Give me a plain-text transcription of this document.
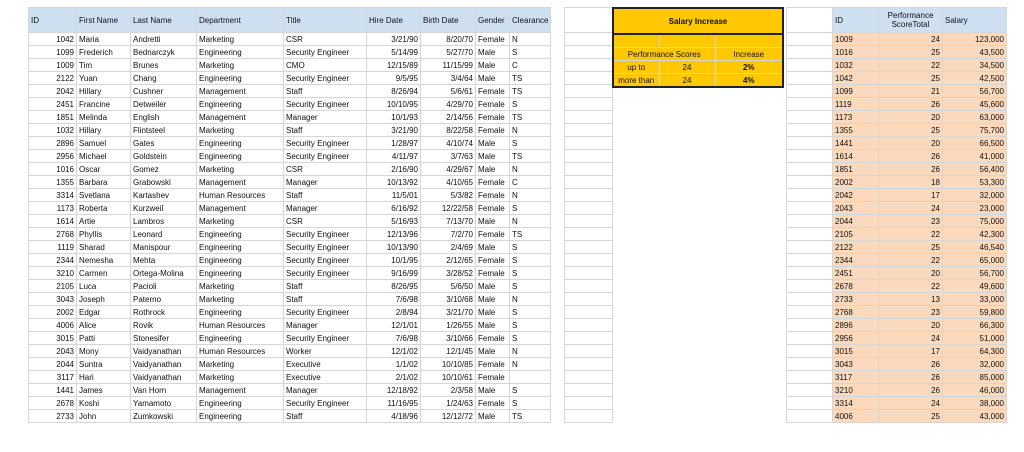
ID	First Name	Last Name	Department	Title	Hire Date	Birth Date	Gender	Clearance
1042	Maria	Andretti	Marketing	CSR	3/21/90	8/20/70	Female	N
1099	Frederich	Bednarczyk	Engineering	Security Engineer	5/14/99	5/27/70	Male	S
1009	Tim	Brunes	Marketing	CMO	12/15/89	11/15/99	Male	C
2122	Yuan	Chang	Engineering	Security Engineer	9/5/95	3/4/64	Male	TS
2042	Hillary	Cushner	Management	Staff	8/26/94	5/6/61	Female	TS
2451	Francine	Detweiler	Engineering	Security Engineer	10/10/95	4/29/70	Female	S
1851	Melinda	English	Management	Manager	10/1/93	2/14/56	Female	TS
1032	Hillary	Flintsteel	Marketing	Staff	3/21/90	8/22/58	Female	N
2896	Samuel	Gates	Engineering	Security Engineer	1/28/97	4/10/74	Male	S
2956	Michael	Goldstein	Engineering	Security Engineer	4/11/97	3/7/63	Male	TS
1016	Oscar	Gomez	Marketing	CSR	2/16/90	4/29/67	Male	N
1355	Barbara	Grabowski	Management	Manager	10/13/92	4/10/65	Female	C
3314	Svetlana	Kartashev	Human Resources	Staff	11/5/01	5/3/82	Female	N
1173	Roberta	Kurzweil	Management	Manager	6/16/92	12/22/58	Female	S
1614	Artie	Lambros	Marketing	CSR	5/16/93	7/13/70	Male	N
2768	Phyllis	Leonard	Engineering	Security Engineer	12/13/96	7/2/70	Female	TS
1119	Sharad	Manispour	Engineering	Security Engineer	10/13/90	2/4/69	Male	S
2344	Nemesha	Mehta	Engineering	Security Engineer	10/1/95	2/12/65	Female	S
3210	Carmen	Ortega-Molina	Engineering	Security Engineer	9/16/99	3/28/52	Female	S
2105	Luca	Pacioli	Marketing	Staff	8/26/95	5/6/50	Male	S
3043	Joseph	Paterno	Marketing	Staff	7/6/98	3/10/68	Male	N
2002	Edgar	Rothrock	Engineering	Security Engineer	2/8/94	3/21/70	Male	S
4006	Alice	Rovik	Human Resources	Manager	12/1/01	1/26/55	Male	S
3015	Patti	Stonesifer	Engineering	Security Engineer	7/6/98	3/10/66	Female	S
2043	Mony	Vaidyanathan	Human Resources	Worker	12/1/02	12/1/45	Male	N
2044	Suntra	Vaidyanathan	Marketing	Executive	1/1/02	10/10/85	Female	N
3117	Hari	Vaidyanathan	Marketing	Executive	2/1/02	10/10/61	Female	
1441	James	Van Horn	Management	Manager	12/18/92	2/3/58	Male	S
2678	Koshi	Yamamoto	Engineering	Security Engineer	11/16/95	1/24/63	Female	S
2733	John	Zumkowski	Engineering	Staff	4/18/96	12/12/72	Male	TS

Salary Increase		

Performance Scores		Increase
up to	24	2%
more than	24	4%

ID	Performance ScoreTotal	Salary
1009	24	123,000
1016	25	43,500
1032	22	34,500
1042	25	42,500
1099	21	56,700
1119	26	45,600
1173	20	63,000
1355	25	75,700
1441	20	66,500
1614	26	41,000
1851	26	56,400
2002	18	53,300
2042	17	32,000
2043	24	23,000
2044	23	75,000
2105	22	42,300
2122	25	46,540
2344	22	65,000
2451	20	56,700
2678	22	49,600
2733	13	33,000
2768	23	59,800
2896	20	66,300
2956	24	51,000
3015	17	64,300
3043	26	32,000
3117	26	85,000
3210	26	46,000
3314	24	38,000
4006	25	43,000
